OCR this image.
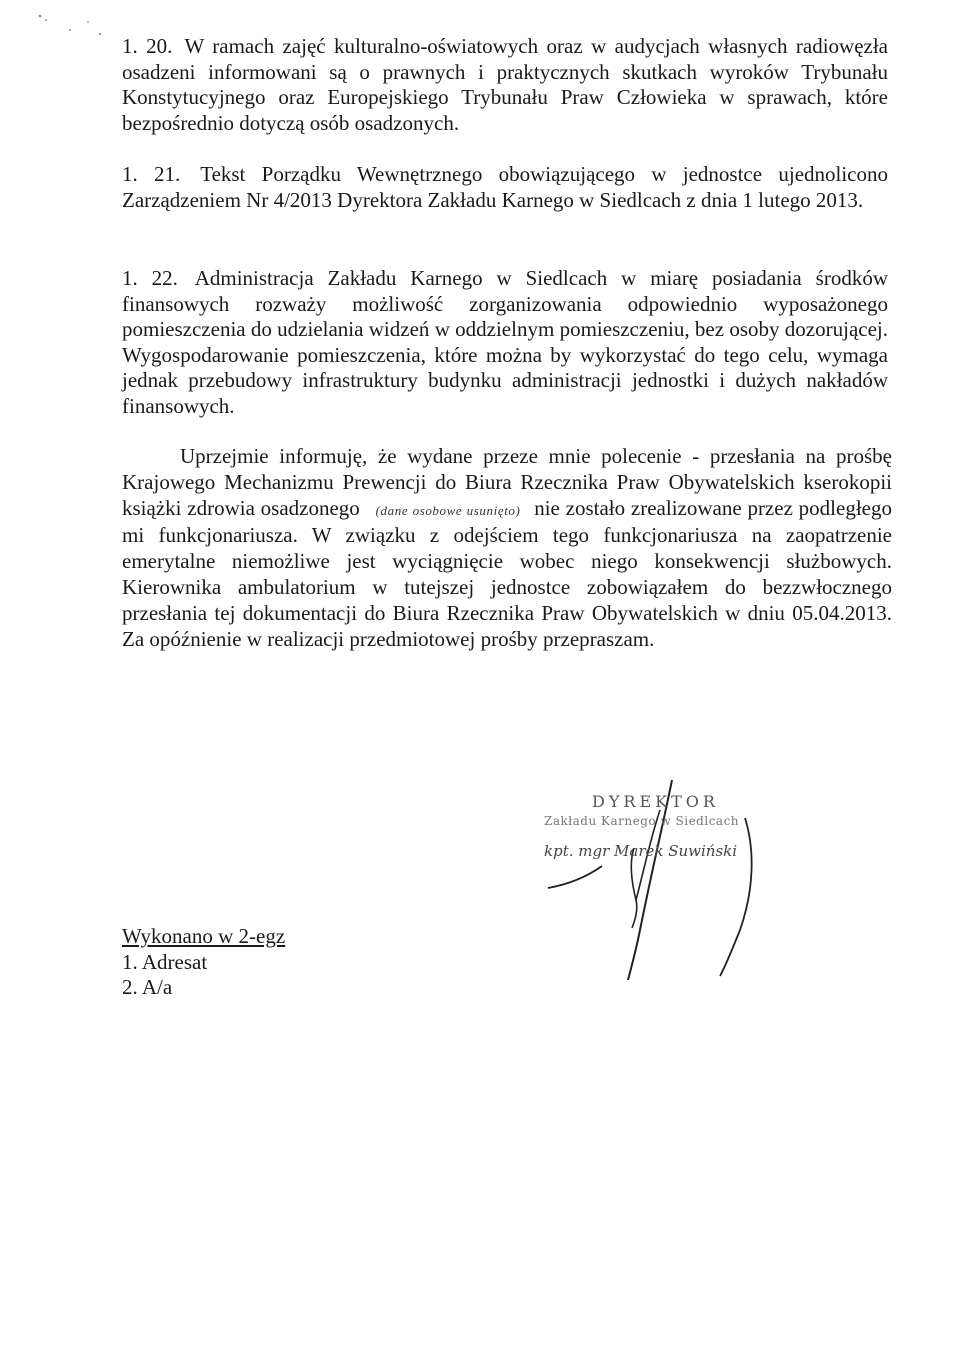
1. 20. W ramach zajęć kulturalno-oświatowych oraz w audycjach własnych radiowęzła osadzeni informowani są o prawnych i praktycznych skutkach wyroków Trybunału Konstytucyjnego oraz Europejskiego Trybunału Praw Człowieka w sprawach, które bezpośrednio dotyczą osób osadzonych.

1. 21. Tekst Porządku Wewnętrznego obowiązującego w jednostce ujednolicono Zarządzeniem Nr 4/2013 Dyrektora Zakładu Karnego w Siedlcach z dnia 1 lutego 2013.

1. 22. Administracja Zakładu Karnego w Siedlcach w miarę posiadania środków finansowych rozważy możliwość zorganizowania odpowiednio wyposażonego pomieszczenia do udzielania widzeń w oddzielnym pomieszczeniu, bez osoby dozorującej. Wygospodarowanie pomieszczenia, które można by wykorzystać do tego celu, wymaga jednak przebudowy infrastruktury budynku administracji jednostki i dużych nakładów finansowych.

Uprzejmie informuję, że wydane przeze mnie polecenie - przesłania na prośbę Krajowego Mechanizmu Prewencji do Biura Rzecznika Praw Obywatelskich kserokopii książki zdrowia osadzonego (dane osobowe usunięto) nie zostało zrealizowane przez podległego mi funkcjonariusza. W związku z odejściem tego funkcjonariusza na zaopatrzenie emerytalne niemożliwe jest wyciągnięcie wobec niego konsekwencji służbowych. Kierownika ambulatorium w tutejszej jednostce zobowiązałem do bezzwłocznego przesłania tej dokumentacji do Biura Rzecznika Praw Obywatelskich w dniu 05.04.2013. Za opóźnienie w realizacji przedmiotowej prośby przepraszam.

DYREKTOR
Zakładu Karnego w Siedlcach
kpt. mgr Marek Suwiński
Wykonano w 2-egz

1. Adresat

2. A/a
